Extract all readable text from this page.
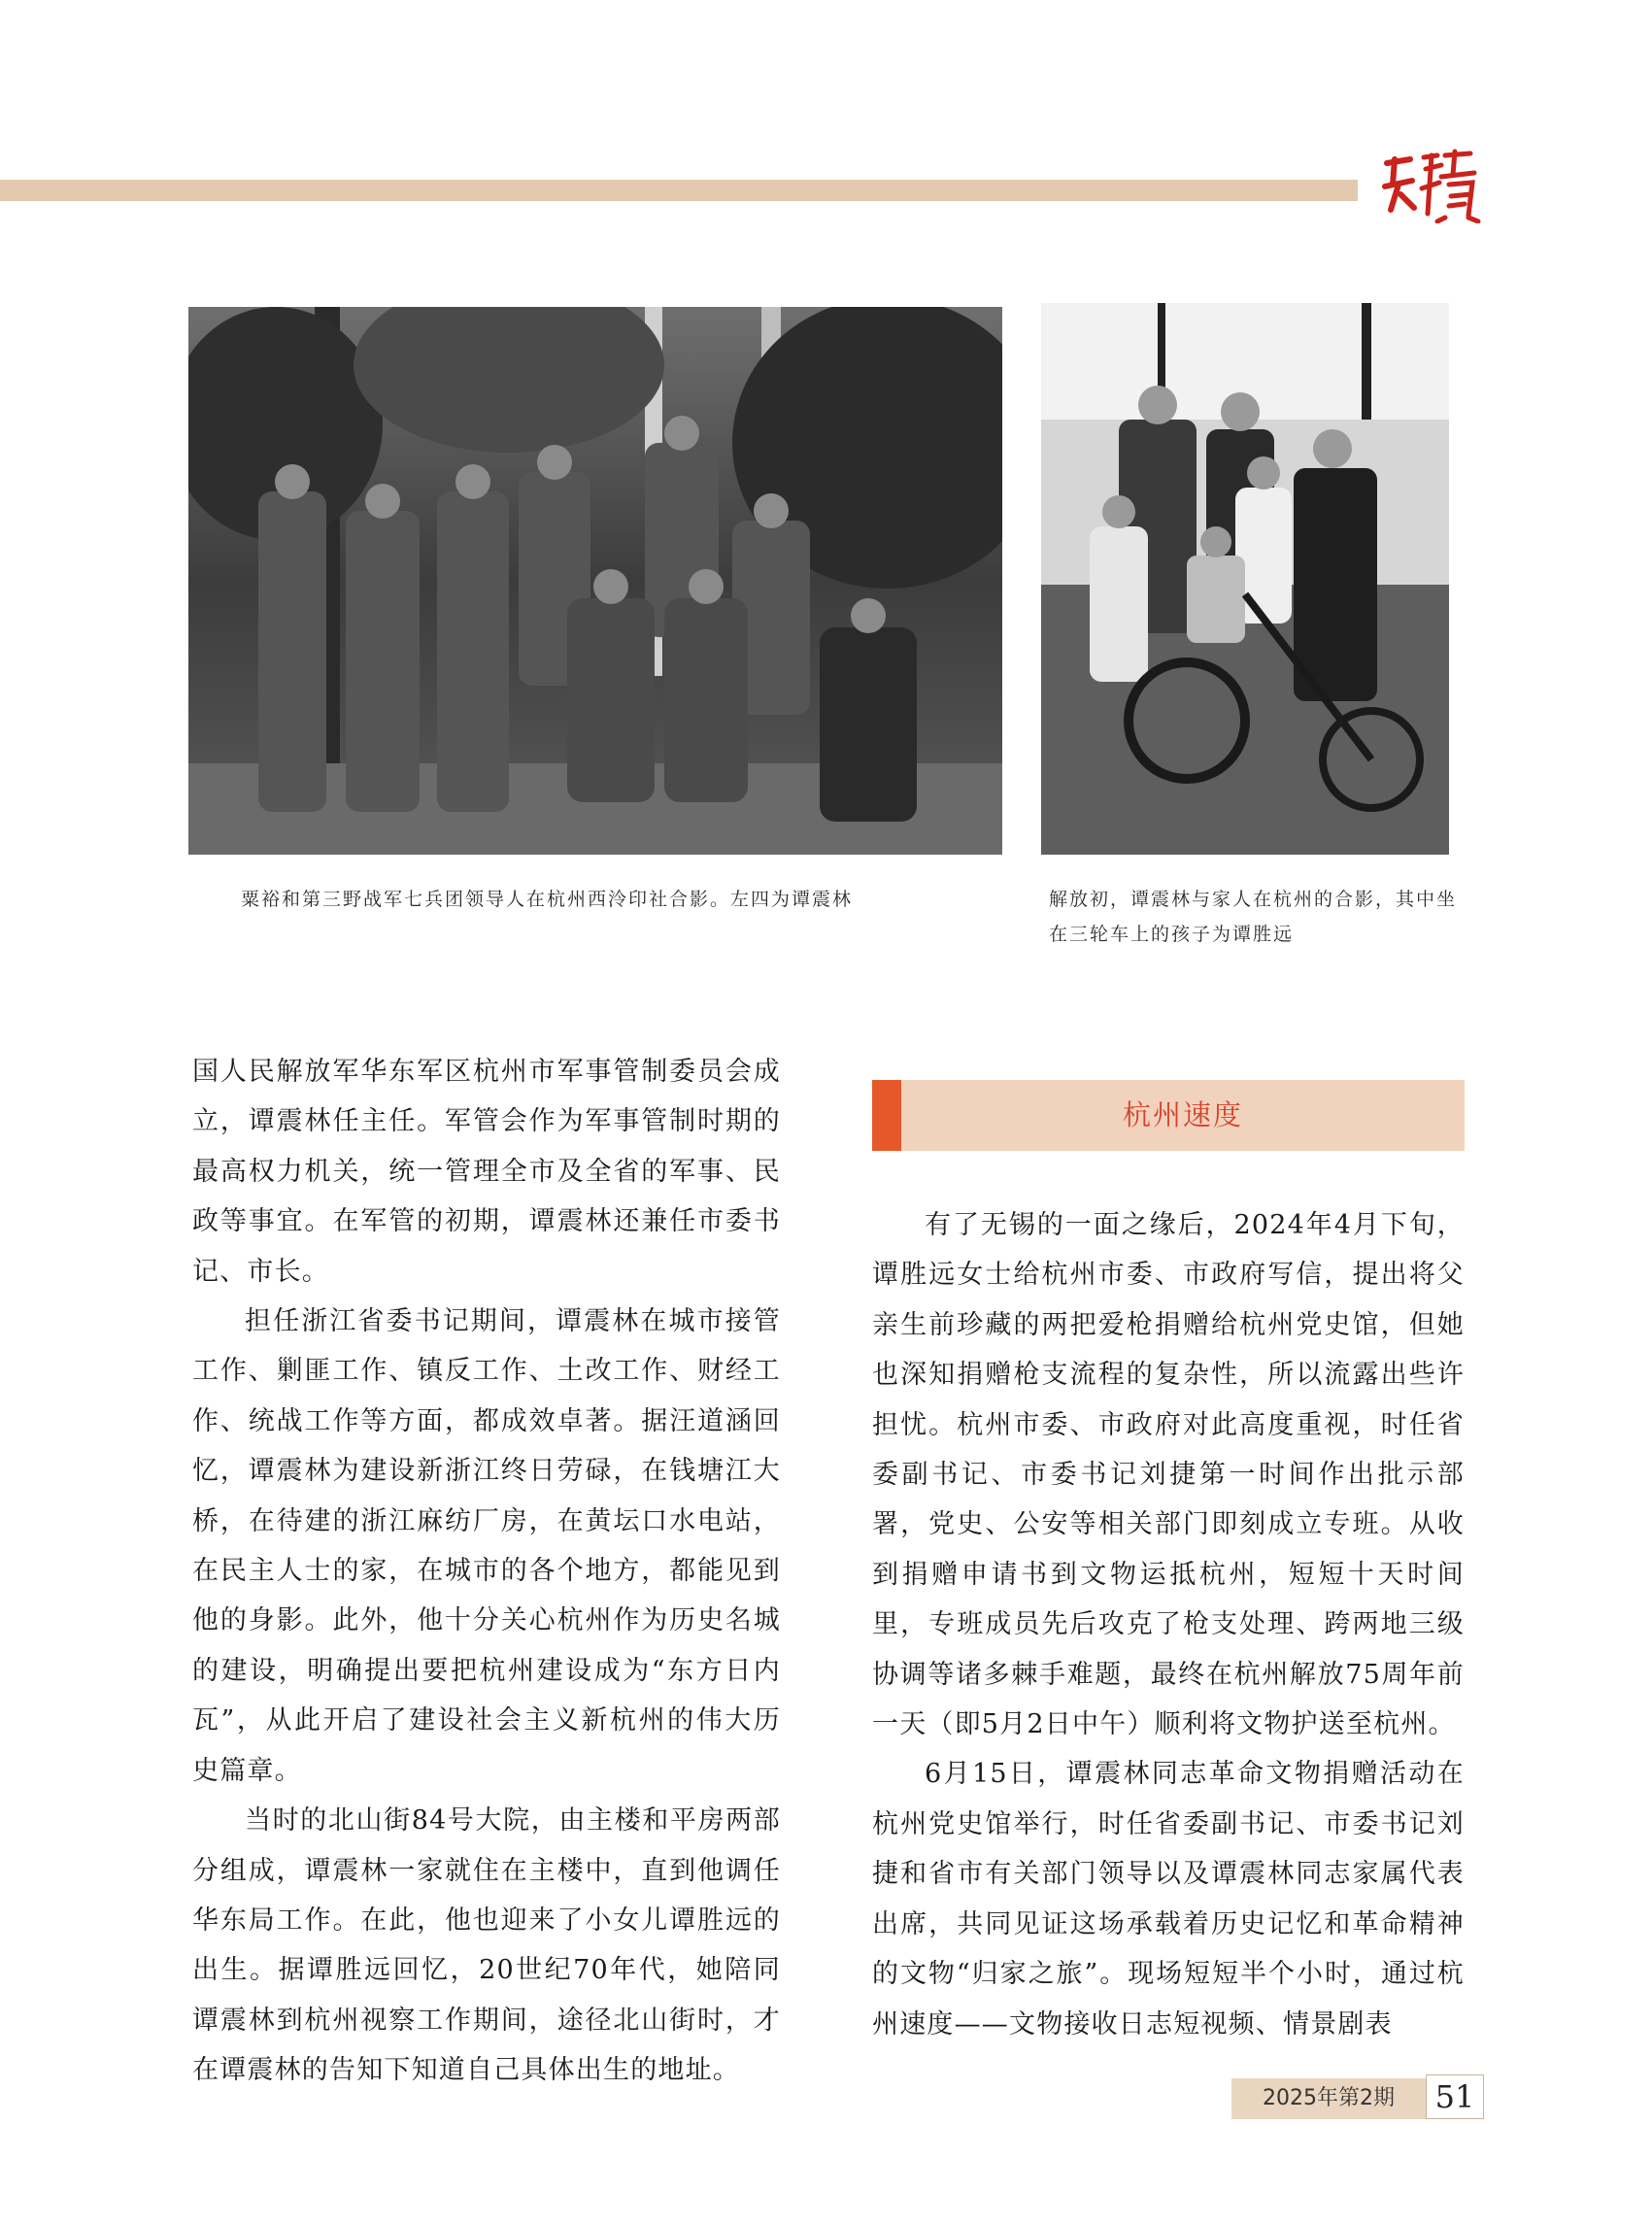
粟裕和第三野战军七兵团领导人在杭州西泠印社合影。左四为谭震林	解放初，谭震林与家人在杭州的合影，其中坐在三轮车上的孩子为谭胜远

国人民解放军华东军区杭州市军事管制委员会成立，谭震林任主任。军管会作为军事管制时期的最高权力机关，统一管理全市及全省的军事、民政等事宜。在军管的初期，谭震林还兼任市委书记、市长。

担任浙江省委书记期间，谭震林在城市接管工作、剿匪工作、镇反工作、土改工作、财经工作、统战工作等方面，都成效卓著。据汪道涵回忆，谭震林为建设新浙江终日劳碌，在钱塘江大桥，在待建的浙江麻纺厂房，在黄坛口水电站，在民主人士的家，在城市的各个地方，都能见到他的身影。此外，他十分关心杭州作为历史名城的建设，明确提出要把杭州建设成为“东方日内瓦”，从此开启了建设社会主义新杭州的伟大历史篇章。

当时的北山街84号大院，由主楼和平房两部分组成，谭震林一家就住在主楼中，直到他调任华东局工作。在此，他也迎来了小女儿谭胜远的出生。据谭胜远回忆，20世纪70年代，她陪同谭震林到杭州视察工作期间，途径北山街时，才在谭震林的告知下知道自己具体出生的地址。

杭州速度

有了无锡的一面之缘后，2024年4月下旬，谭胜远女士给杭州市委、市政府写信，提出将父亲生前珍藏的两把爱枪捐赠给杭州党史馆，但她也深知捐赠枪支流程的复杂性，所以流露出些许担忧。杭州市委、市政府对此高度重视，时任省委副书记、市委书记刘捷第一时间作出批示部署，党史、公安等相关部门即刻成立专班。从收到捐赠申请书到文物运抵杭州，短短十天时间里，专班成员先后攻克了枪支处理、跨两地三级协调等诸多棘手难题，最终在杭州解放75周年前一天（即5月2日中午）顺利将文物护送至杭州。

6月15日，谭震林同志革命文物捐赠活动在杭州党史馆举行，时任省委副书记、市委书记刘捷和省市有关部门领导以及谭震林同志家属代表出席，共同见证这场承载着历史记忆和革命精神的文物“归家之旅”。现场短短半个小时，通过杭州速度——文物接收日志短视频、情景剧表

2025年第2期	51
